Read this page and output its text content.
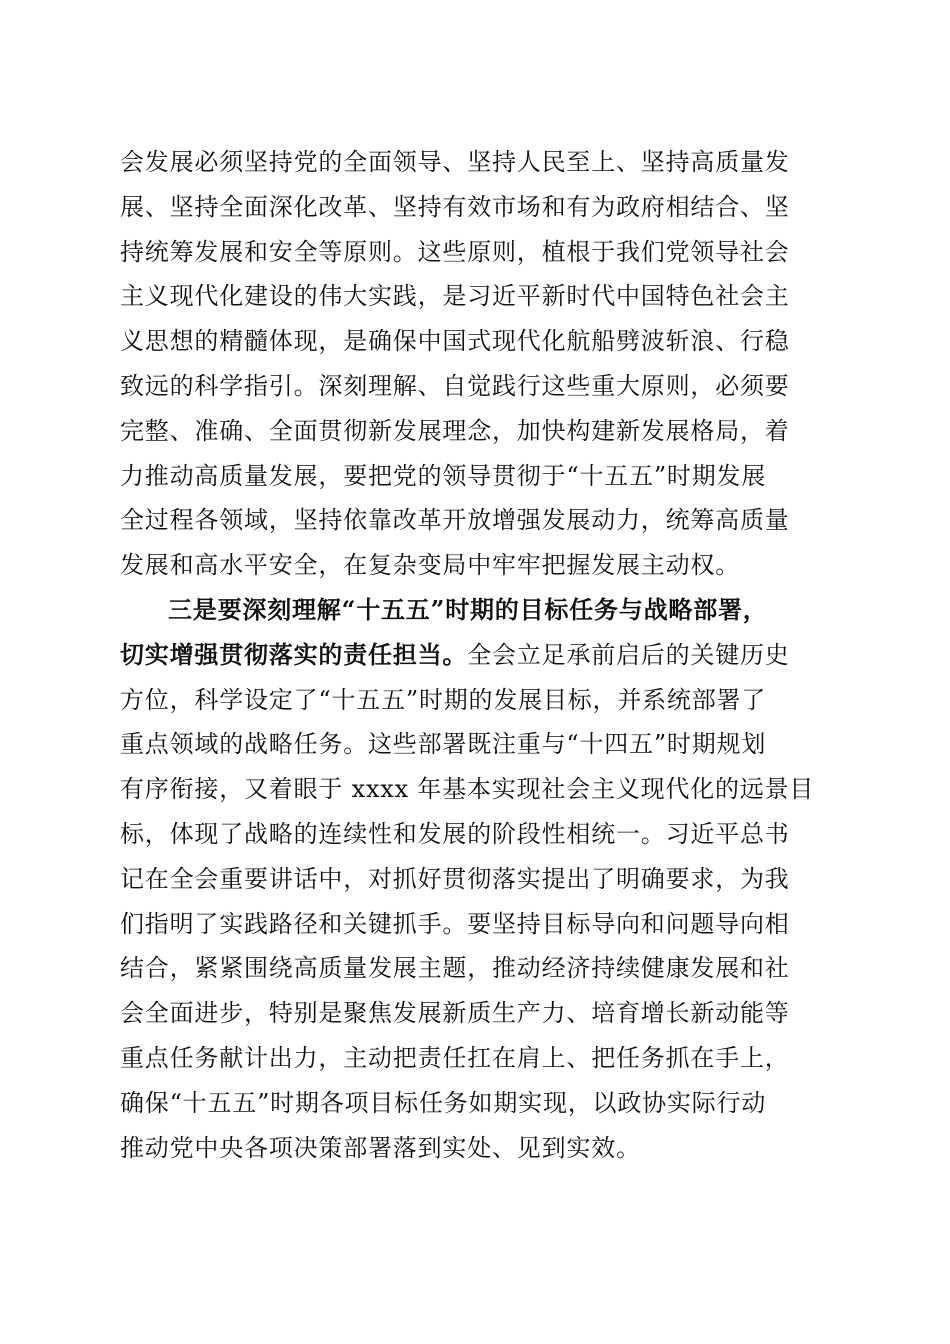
会发展必须坚持党的全面领导、坚持人民至上、坚持高质量发
展、坚持全面深化改革、坚持有效市场和有为政府相结合、坚
持统筹发展和安全等原则。这些原则，植根于我们党领导社会
主义现代化建设的伟大实践，是习近平新时代中国特色社会主
义思想的精髓体现，是确保中国式现代化航船劈波斩浪、行稳
致远的科学指引。深刻理解、自觉践行这些重大原则，必须要
完整、准确、全面贯彻新发展理念，加快构建新发展格局，着
力推动高质量发展，要把党的领导贯彻于“十五五”时期发展
全过程各领域，坚持依靠改革开放增强发展动力，统筹高质量
发展和高水平安全，在复杂变局中牢牢把握发展主动权。
三是要深刻理解“十五五”时期的目标任务与战略部署，
切实增强贯彻落实的责任担当。全会立足承前启后的关键历史
方位，科学设定了“十五五”时期的发展目标，并系统部署了
重点领域的战略任务。这些部署既注重与“十四五”时期规划
有序衔接，又着眼于 xxxx 年基本实现社会主义现代化的远景目
标，体现了战略的连续性和发展的阶段性相统一。习近平总书
记在全会重要讲话中，对抓好贯彻落实提出了明确要求，为我
们指明了实践路径和关键抓手。要坚持目标导向和问题导向相
结合，紧紧围绕高质量发展主题，推动经济持续健康发展和社
会全面进步，特别是聚焦发展新质生产力、培育增长新动能等
重点任务献计出力，主动把责任扛在肩上、把任务抓在手上，
确保“十五五”时期各项目标任务如期实现，以政协实际行动
推动党中央各项决策部署落到实处、见到实效。
